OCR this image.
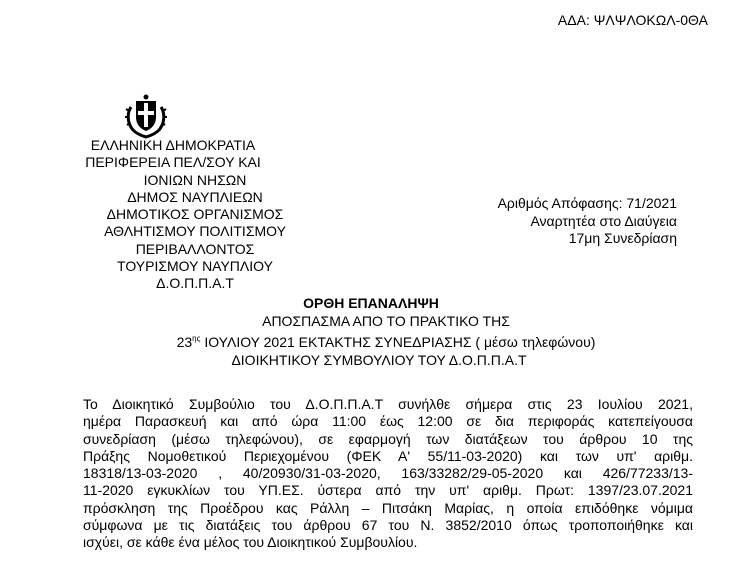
ΑΔΑ: ΨΛΨΛΟΚΩΛ-0ΘΑ
ΕΛΛΗΝΙΚΗ ΔΗΜΟΚΡΑΤΙΑ
ΠΕΡΙΦΕΡΕΙΑ ΠΕΛ/ΣΟΥ ΚΑΙ
ΙΟΝΙΩΝ ΝΗΣΩΝ
ΔΗΜΟΣ ΝΑΥΠΛΙΕΩΝ
ΔΗΜΟΤΙΚΟΣ ΟΡΓΑΝΙΣΜΟΣ
ΑΘΛΗΤΙΣΜΟΥ ΠΟΛΙΤΙΣΜΟΥ
ΠΕΡΙΒΑΛΛΟΝΤΟΣ
ΤΟΥΡΙΣΜΟΥ ΝΑΥΠΛΙΟΥ
Δ.Ο.Π.Π.Α.Τ
Αριθμός Απόφασης: 71/2021
Αναρτητέα στο Διαύγεια
17μη Συνεδρίαση
ΟΡΘΗ ΕΠΑΝΑΛΗΨΗ
ΑΠΟΣΠΑΣΜΑ ΑΠΟ ΤΟ ΠΡΑΚΤΙΚΟ ΤΗΣ
$23^{\eta\varsigma}$ ΙΟΥΛΙΟΥ 2021 ΕΚΤΑΚΤΗΣ ΣΥΝΕΔΡΙΑΣΗΣ ( μέσω τηλεφώνου)
ΔΙΟΙΚΗΤΙΚΟΥ ΣΥΜΒΟΥΛΙΟΥ ΤΟΥ Δ.Ο.Π.Π.Α.Τ
Το Διοικητικό Συμβούλιο του Δ.Ο.Π.Π.Α.Τ συνήλθε σήμερα στις 23 Ιουλίου 2021,
ημέρα Παρασκευή και από ώρα 11:00 έως 12:00 σε δια περιφοράς κατεπείγουσα
συνεδρίαση (μέσω τηλεφώνου), σε εφαρμογή των διατάξεων του άρθρου 10 της
Πράξης Νομοθετικού Περιεχομένου (ΦΕΚ Α' 55/11-03-2020) και των υπ' αριθμ.
18318/13-03-2020 , 40/20930/31-03-2020, 163/33282/29-05-2020 και 426/77233/13-
11-2020 εγκυκλίων του ΥΠ.ΕΣ. ύστερα από την υπ' αριθμ. Πρωτ: 1397/23.07.2021
πρόσκληση της Προέδρου κας Ράλλη – Πιτσάκη Μαρίας, η οποία επιδόθηκε νόμιμα
σύμφωνα με τις διατάξεις του άρθρου 67 του Ν. 3852/2010 όπως τροποποιήθηκε και
ισχύει, σε κάθε ένα μέλος του Διοικητικού Συμβουλίου.
